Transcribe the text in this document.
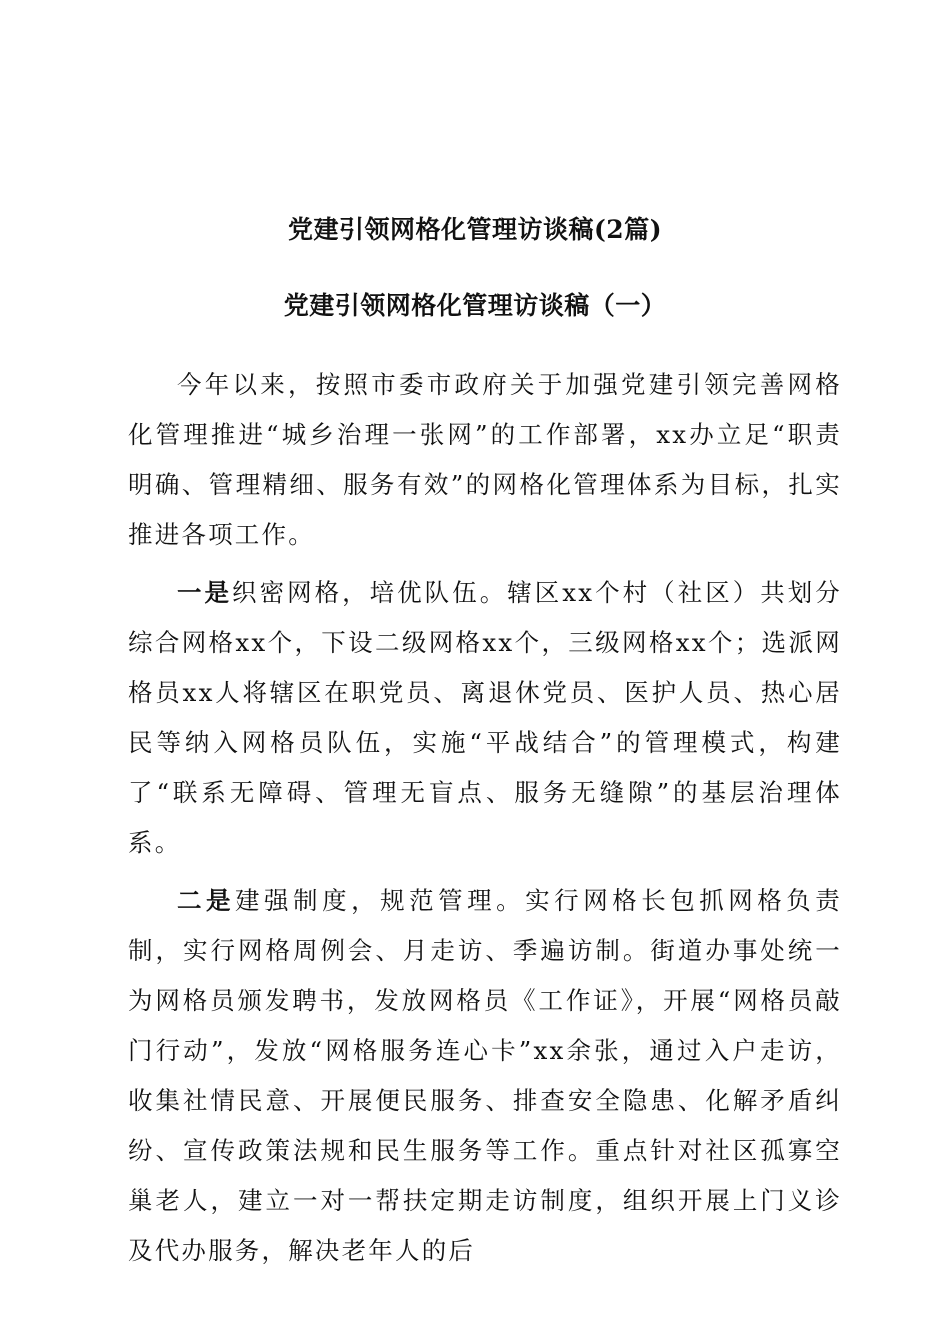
党建引领网格化管理访谈稿(2篇)
党建引领网格化管理访谈稿（一）

今年以来，按照市委市政府关于加强党建引领完善网格化管理推进“城乡治理一张网”的工作部署，xx办立足“职责明确、管理精细、服务有效”的网格化管理体系为目标，扎实推进各项工作。

一是织密网格，培优队伍。辖区xx个村（社区）共划分综合网格xx个，下设二级网格xx个，三级网格xx个；选派网格员xx人将辖区在职党员、离退休党员、医护人员、热心居民等纳入网格员队伍，实施“平战结合”的管理模式，构建了“联系无障碍、管理无盲点、服务无缝隙”的基层治理体系。

二是建强制度，规范管理。实行网格长包抓网格负责制，实行网格周例会、月走访、季遍访制。街道办事处统一为网格员颁发聘书，发放网格员《工作证》，开展“网格员敲门行动”，发放“网格服务连心卡”xx余张，通过入户走访，收集社情民意、开展便民服务、排查安全隐患、化解矛盾纠纷、宣传政策法规和民生服务等工作。重点针对社区孤寡空巢老人，建立一对一帮扶定期走访制度，组织开展上门义诊及代办服务，解决老年人的后
